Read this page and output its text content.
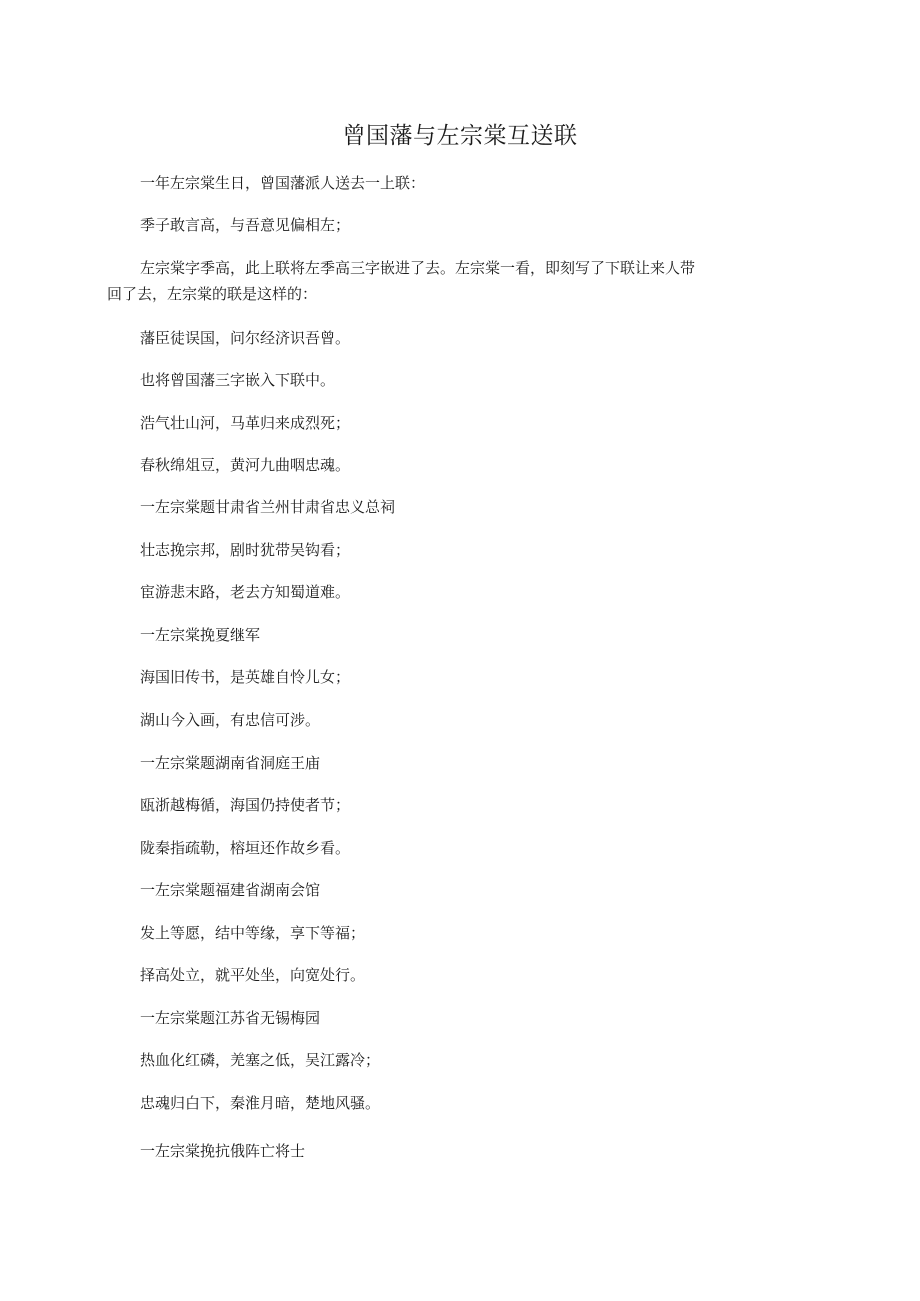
曾国藩与左宗棠互送联
一年左宗棠生日，曾国藩派人送去一上联：
季子敢言高，与吾意见偏相左；
左宗棠字季高，此上联将左季高三字嵌进了去。左宗棠一看，即刻写了下联让来人带
回了去，左宗棠的联是这样的：
藩臣徒误国，问尔经济识吾曾。
也将曾国藩三字嵌入下联中。
浩气壮山河，马革归来成烈死；
春秋绵俎豆，黄河九曲咽忠魂。
一左宗棠题甘肃省兰州甘肃省忠义总祠
壮志挽宗邦，剧时犹带吴钩看；
宦游悲末路，老去方知蜀道难。
一左宗棠挽夏继军
海国旧传书，是英雄自怜儿女；
湖山今入画，有忠信可涉。
一左宗棠题湖南省洞庭王庙
瓯浙越梅循，海国仍持使者节；
陇秦指疏勒，榕垣还作故乡看。
一左宗棠题福建省湖南会馆
发上等愿，结中等缘，享下等福；
择高处立，就平处坐，向宽处行。
一左宗棠题江苏省无锡梅园
热血化红磷，羌塞之低，吴江露冷；
忠魂归白下，秦淮月暗，楚地风骚。
一左宗棠挽抗俄阵亡将士
